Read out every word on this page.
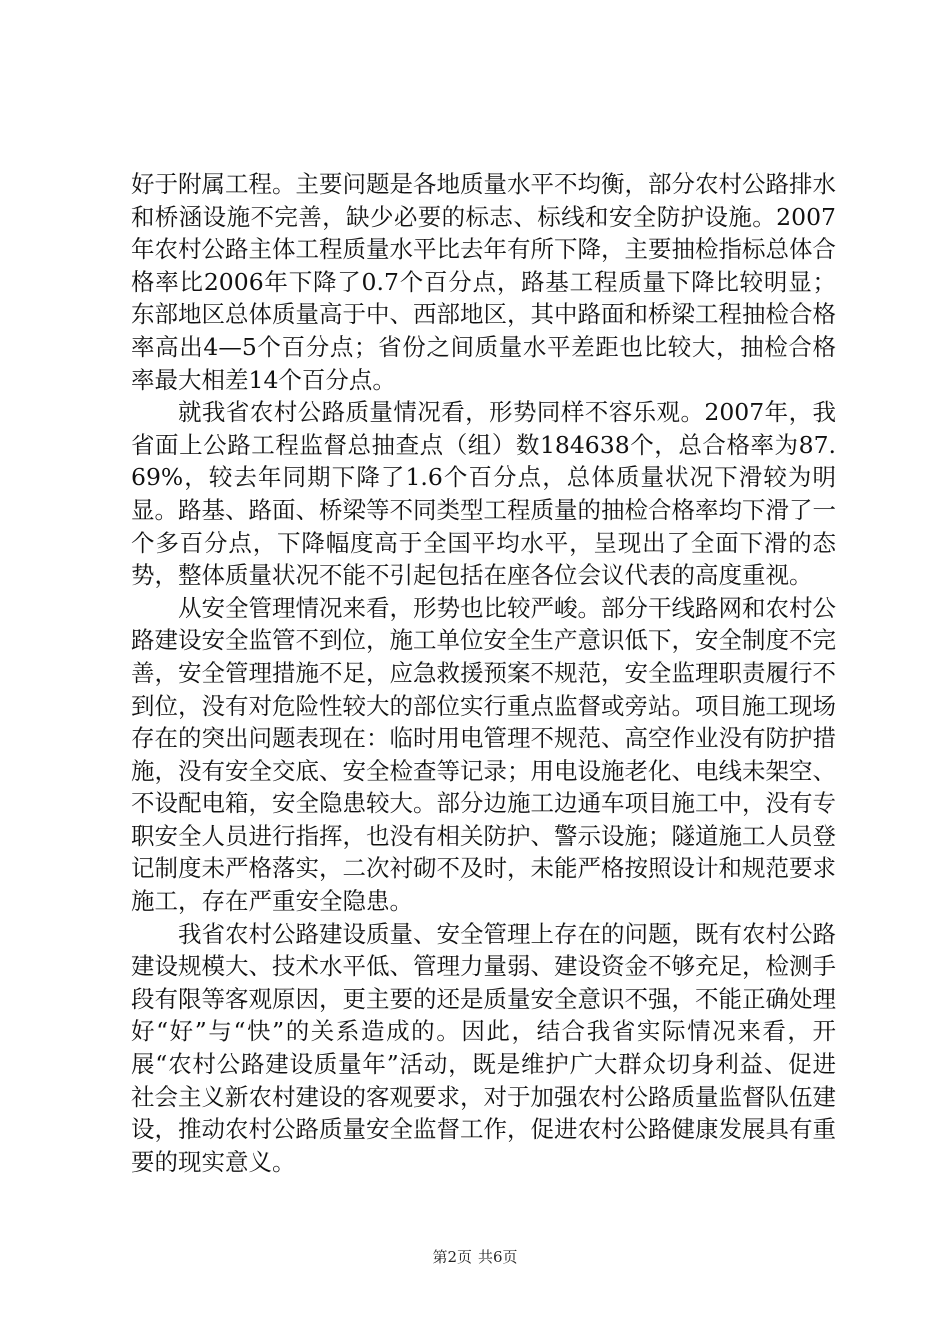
好于附属工程。主要问题是各地质量水平不均衡，部分农村公路排水和桥涵设施不完善，缺少必要的标志、标线和安全防护设施。2007年农村公路主体工程质量水平比去年有所下降，主要抽检指标总体合格率比2006年下降了0.7个百分点，路基工程质量下降比较明显；东部地区总体质量高于中、西部地区，其中路面和桥梁工程抽检合格率高出4—5个百分点；省份之间质量水平差距也比较大，抽检合格率最大相差14个百分点。

就我省农村公路质量情况看，形势同样不容乐观。2007年，我省面上公路工程监督总抽查点（组）数184638个，总合格率为87.69%，较去年同期下降了1.6个百分点，总体质量状况下滑较为明显。路基、路面、桥梁等不同类型工程质量的抽检合格率均下滑了一个多百分点，下降幅度高于全国平均水平，呈现出了全面下滑的态势，整体质量状况不能不引起包括在座各位会议代表的高度重视。

从安全管理情况来看，形势也比较严峻。部分干线路网和农村公路建设安全监管不到位，施工单位安全生产意识低下，安全制度不完善，安全管理措施不足，应急救援预案不规范，安全监理职责履行不到位，没有对危险性较大的部位实行重点监督或旁站。项目施工现场存在的突出问题表现在：临时用电管理不规范、高空作业没有防护措施，没有安全交底、安全检查等记录；用电设施老化、电线未架空、不设配电箱，安全隐患较大。部分边施工边通车项目施工中，没有专职安全人员进行指挥，也没有相关防护、警示设施；隧道施工人员登记制度未严格落实，二次衬砌不及时，未能严格按照设计和规范要求施工，存在严重安全隐患。

我省农村公路建设质量、安全管理上存在的问题，既有农村公路建设规模大、技术水平低、管理力量弱、建设资金不够充足，检测手段有限等客观原因，更主要的还是质量安全意识不强，不能正确处理好“好”与“快”的关系造成的。因此，结合我省实际情况来看，开展“农村公路建设质量年”活动，既是维护广大群众切身利益、促进社会主义新农村建设的客观要求，对于加强农村公路质量监督队伍建设，推动农村公路质量安全监督工作，促进农村公路健康发展具有重要的现实意义。

第2页 共6页
